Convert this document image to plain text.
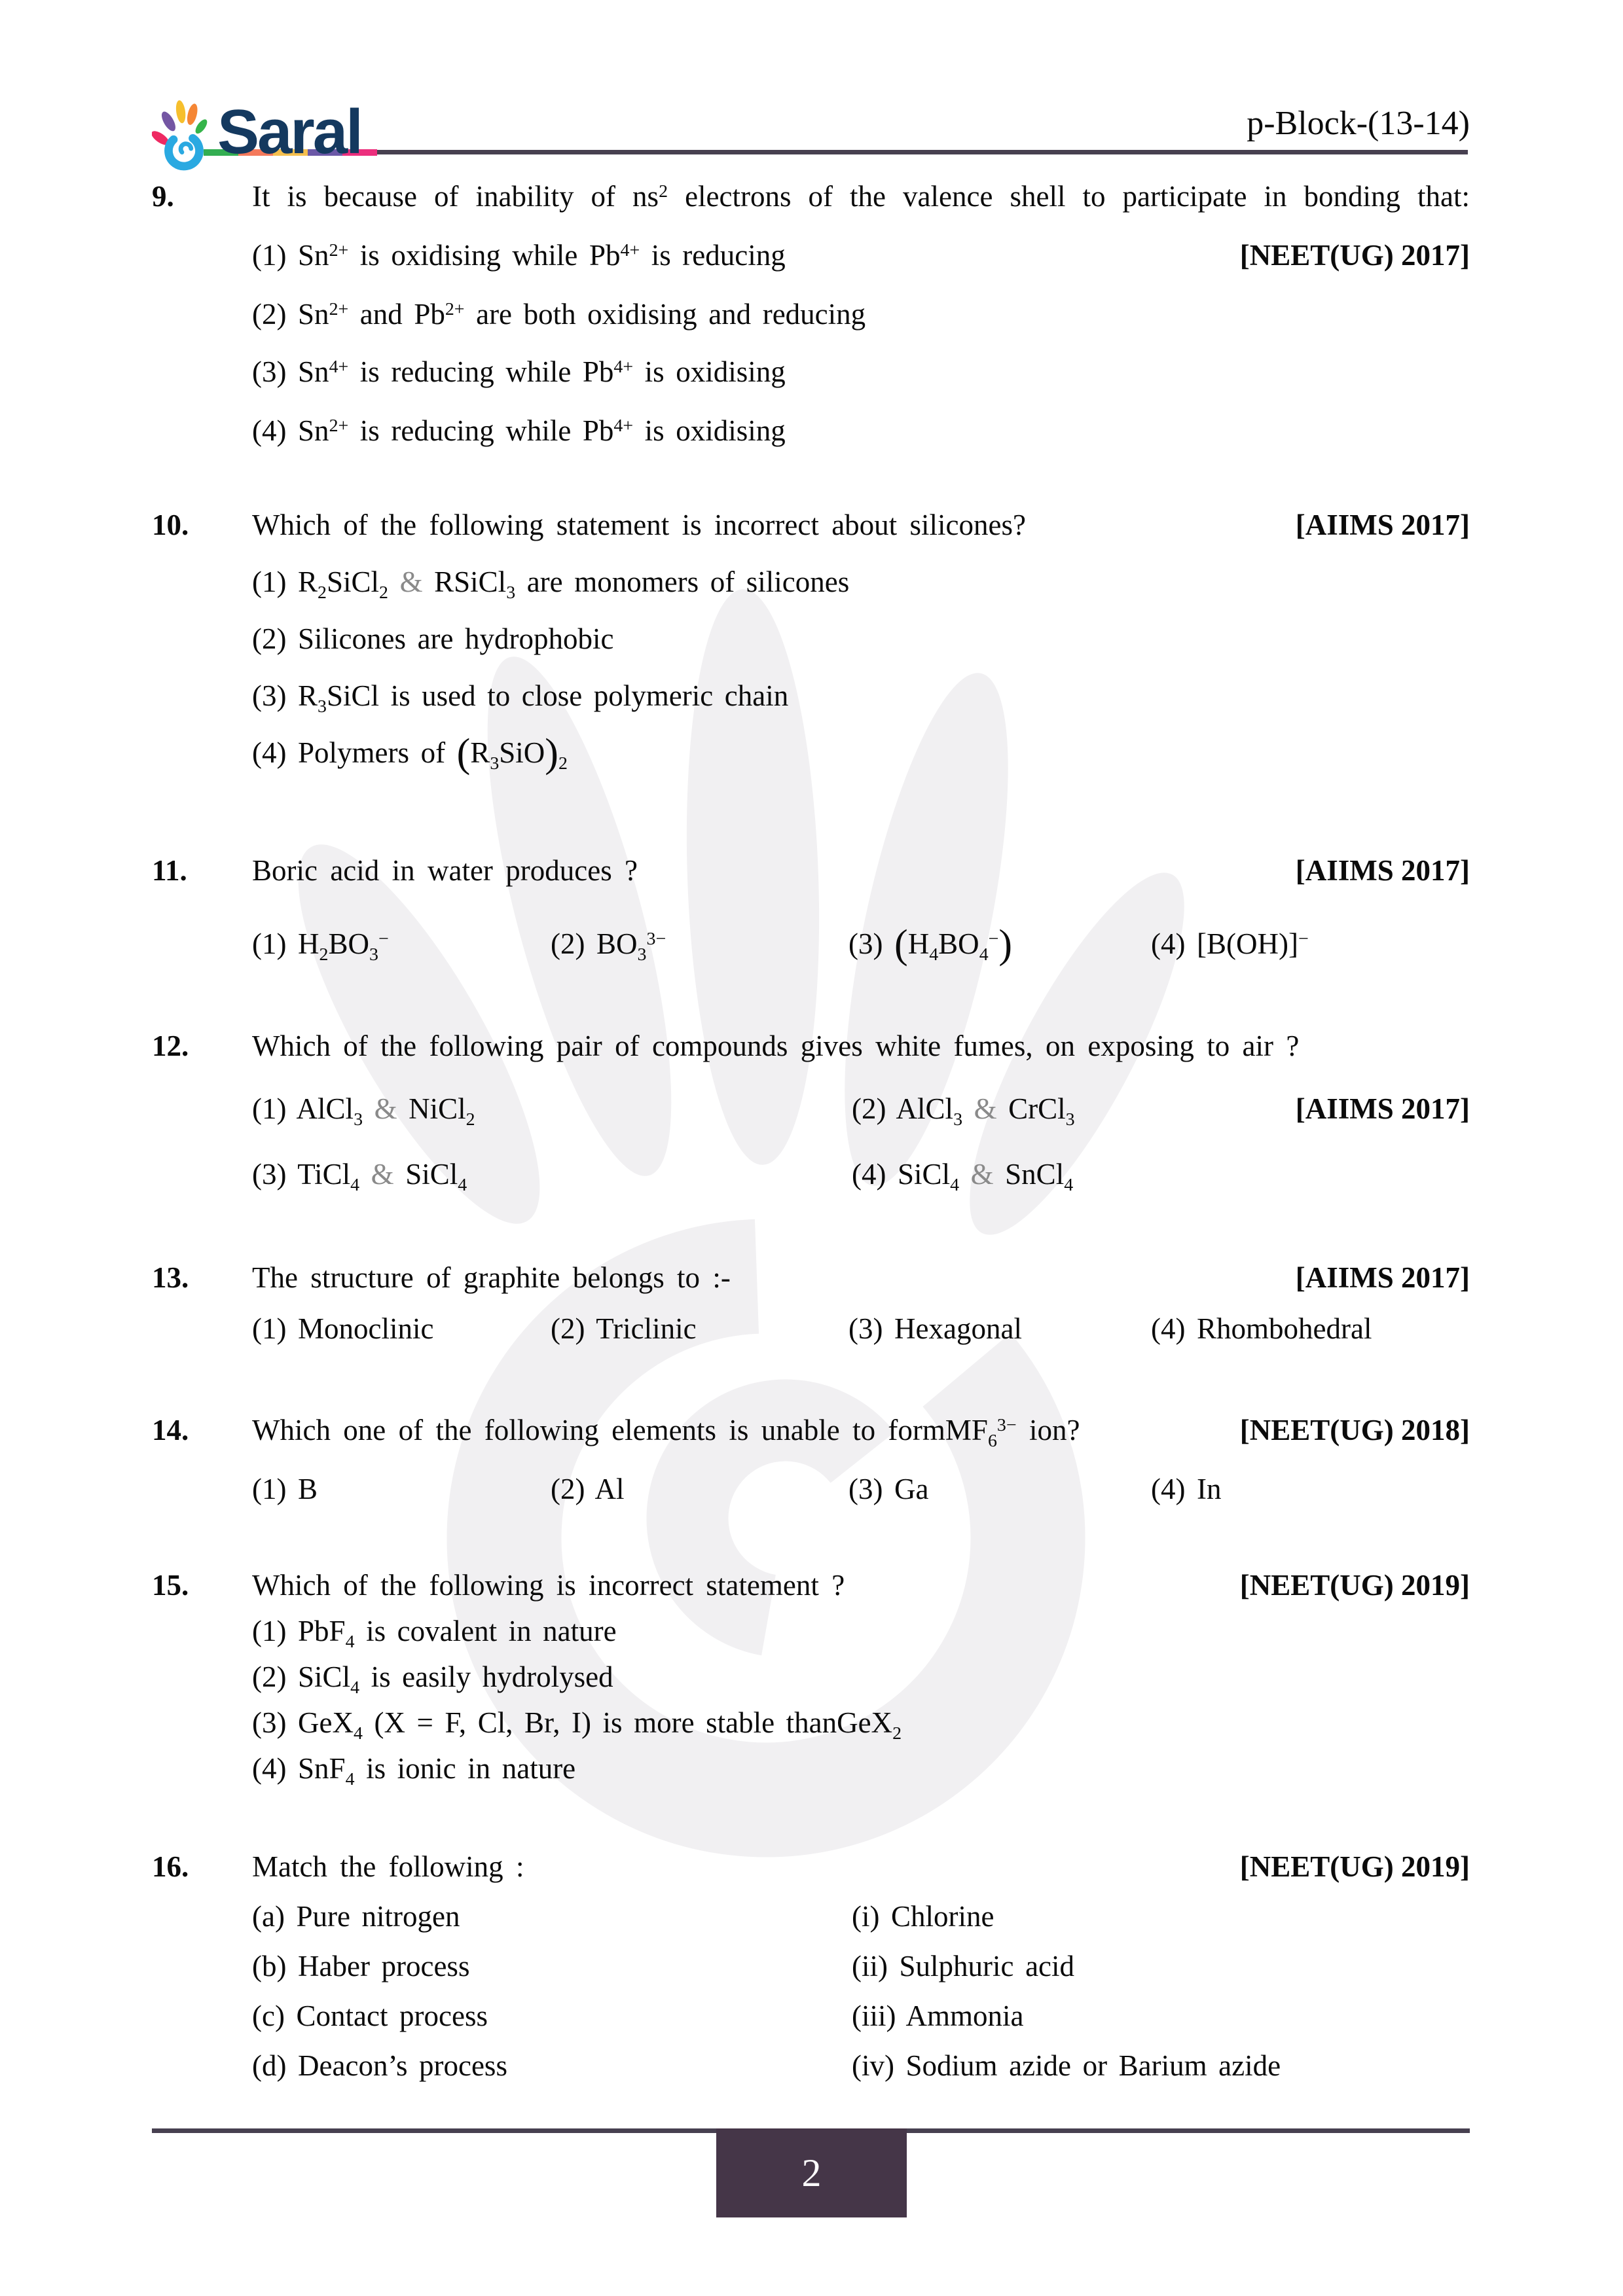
Saral	p-Block-(13-14)
9.	It is because of inability of $ns^2$ electrons of the valence shell to participate in bonding that:

(1) $Sn^{2+}$ is oxidising while $Pb^{4+}$ is reducing	[NEET(UG) 2017]
(2) $Sn^{2+}$ and $Pb^{2+}$ are both oxidising and reducing
(3) $Sn^{4+}$ is reducing while $Pb^{4+}$ is oxidising
(4) $Sn^{2+}$ is reducing while $Pb^{4+}$ is oxidising
10.	Which of the following statement is incorrect about silicones?	[AIIMS 2017]
(1) $R_2SiCl_2$ & RSiCl$_3$ are monomers of silicones
(2) Silicones are hydrophobic
(3) $R_3SiCl$ is used to close polymeric chain
(4) Polymers of $(R_3SiO)_2$
11.	Boric acid in water produces ?	[AIIMS 2017]
(1) $H_2BO_3^-$	(2) $BO_3^{3-}$	(3) $(H_4BO_4^-)$	(4) [B(OH)]−
12.	Which of the following pair of compounds gives white fumes, on exposing to air ?
(1) AlCl$_3$ & NiCl$_2$	(2) AlCl$_3$ & CrCl$_3$	[AIIMS 2017]
(3) TiCl$_4$ & SiCl$_4$	(4) SiCl$_4$ & SnCl$_4$
13.	The structure of graphite belongs to :-	[AIIMS 2017]
(1) Monoclinic	(2) Triclinic	(3) Hexagonal	(4) Rhombohedral
14.	Which one of the following elements is unable to formMF$_6^{3-}$ ion?	[NEET(UG) 2018]
(1) B	(2) Al	(3) Ga	(4) In
15.	Which of the following is incorrect statement ?	[NEET(UG) 2019]
(1) PbF$_4$ is covalent in nature
(2) SiCl$_4$ is easily hydrolysed
(3) GeX$_4$ (X = F, Cl, Br, I) is more stable thanGeX$_2$
(4) SnF$_4$ is ionic in nature
16.	Match the following :	[NEET(UG) 2019]
(a) Pure nitrogen	(i) Chlorine
(b) Haber process	(ii) Sulphuric acid
(c) Contact process	(iii) Ammonia
(d) Deacon’s process	(iv) Sodium azide or Barium azide
2
